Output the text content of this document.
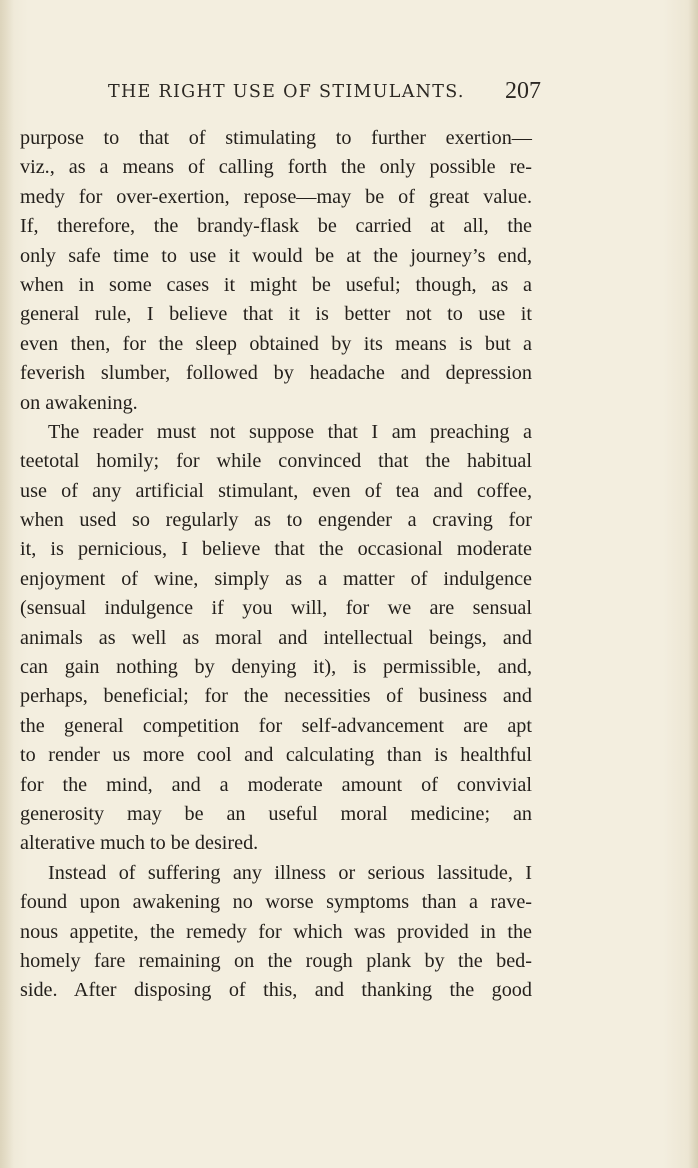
THE RIGHT USE OF STIMULANTS. 207
purpose to that of stimulating to further exertion—
viz., as a means of calling forth the only possible re-
medy for over-exertion, repose—may be of great value.
If, therefore, the brandy-flask be carried at all, the
only safe time to use it would be at the journey’s end,
when in some cases it might be useful; though, as a
general rule, I believe that it is better not to use it
even then, for the sleep obtained by its means is but a
feverish slumber, followed by headache and depression
on awakening.
The reader must not suppose that I am preaching a
teetotal homily; for while convinced that the habitual
use of any artificial stimulant, even of tea and coffee,
when used so regularly as to engender a craving for
it, is pernicious, I believe that the occasional moderate
enjoyment of wine, simply as a matter of indulgence
(sensual indulgence if you will, for we are sensual
animals as well as moral and intellectual beings, and
can gain nothing by denying it), is permissible, and,
perhaps, beneficial; for the necessities of business and
the general competition for self-advancement are apt
to render us more cool and calculating than is healthful
for the mind, and a moderate amount of convivial
generosity may be an useful moral medicine; an
alterative much to be desired.
Instead of suffering any illness or serious lassitude, I
found upon awakening no worse symptoms than a rave-
nous appetite, the remedy for which was provided in the
homely fare remaining on the rough plank by the bed-
side. After disposing of this, and thanking the good
